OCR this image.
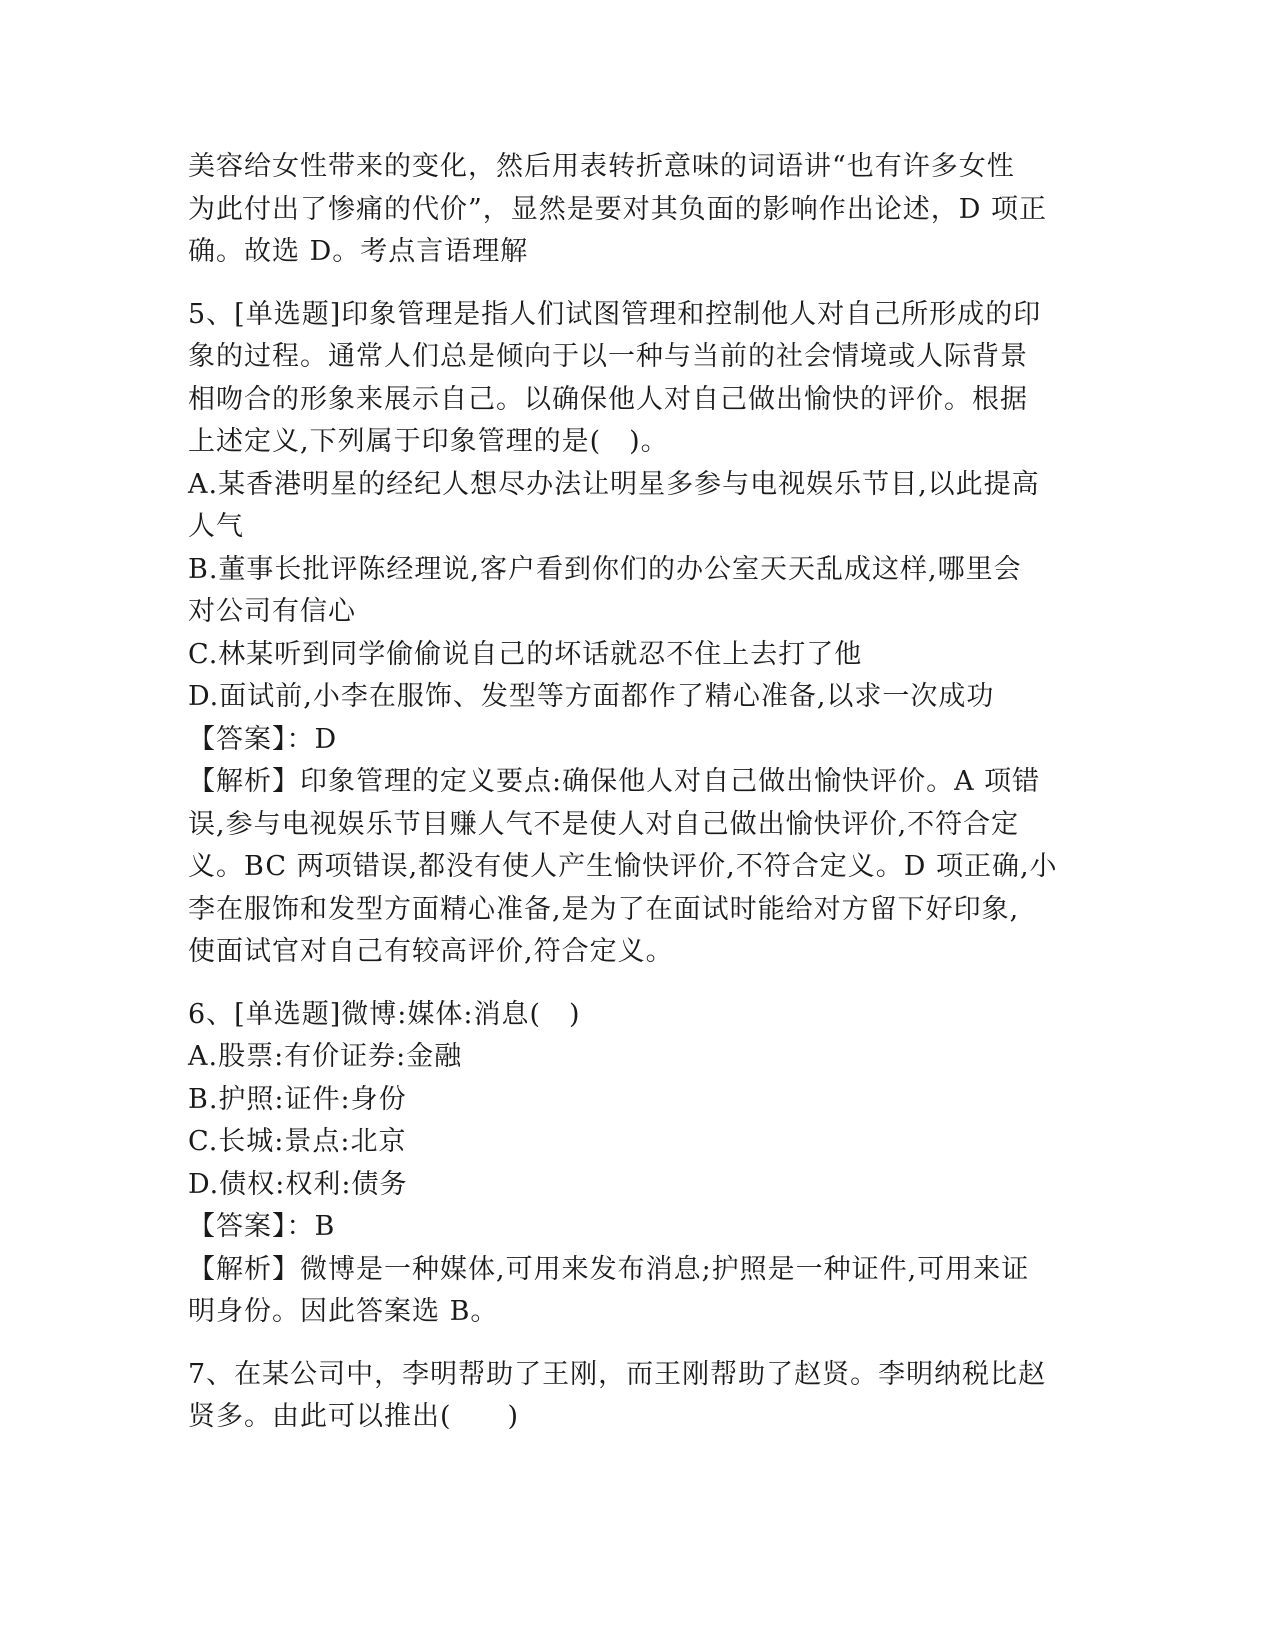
美容给女性带来的变化，然后用表转折意味的词语讲“也有许多女性
为此付出了惨痛的代价”，显然是要对其负面的影响作出论述，D 项正
确。故选 D。考点言语理解
5、[单选题]印象管理是指人们试图管理和控制他人对自己所形成的印
象的过程。通常人们总是倾向于以一种与当前的社会情境或人际背景
相吻合的形象来展示自己。以确保他人对自己做出愉快的评价。根据
上述定义,下列属于印象管理的是(　)。
A.某香港明星的经纪人想尽办法让明星多参与电视娱乐节目,以此提高
人气
B.董事长批评陈经理说,客户看到你们的办公室天天乱成这样,哪里会
对公司有信心
C.林某听到同学偷偷说自己的坏话就忍不住上去打了他
D.面试前,小李在服饰、发型等方面都作了精心准备,以求一次成功
【答案】：D
【解析】印象管理的定义要点:确保他人对自己做出愉快评价。A 项错
误,参与电视娱乐节目赚人气不是使人对自己做出愉快评价,不符合定
义。BC 两项错误,都没有使人产生愉快评价,不符合定义。D 项正确,小
李在服饰和发型方面精心准备,是为了在面试时能给对方留下好印象,
使面试官对自己有较高评价,符合定义。
6、[单选题]微博:媒体:消息(　)
A.股票:有价证券:金融
B.护照:证件:身份
C.长城:景点:北京
D.债权:权利:债务
【答案】：B
【解析】微博是一种媒体,可用来发布消息;护照是一种证件,可用来证
明身份。因此答案选 B。
7、在某公司中，李明帮助了王刚，而王刚帮助了赵贤。李明纳税比赵
贤多。由此可以推出(　　)
